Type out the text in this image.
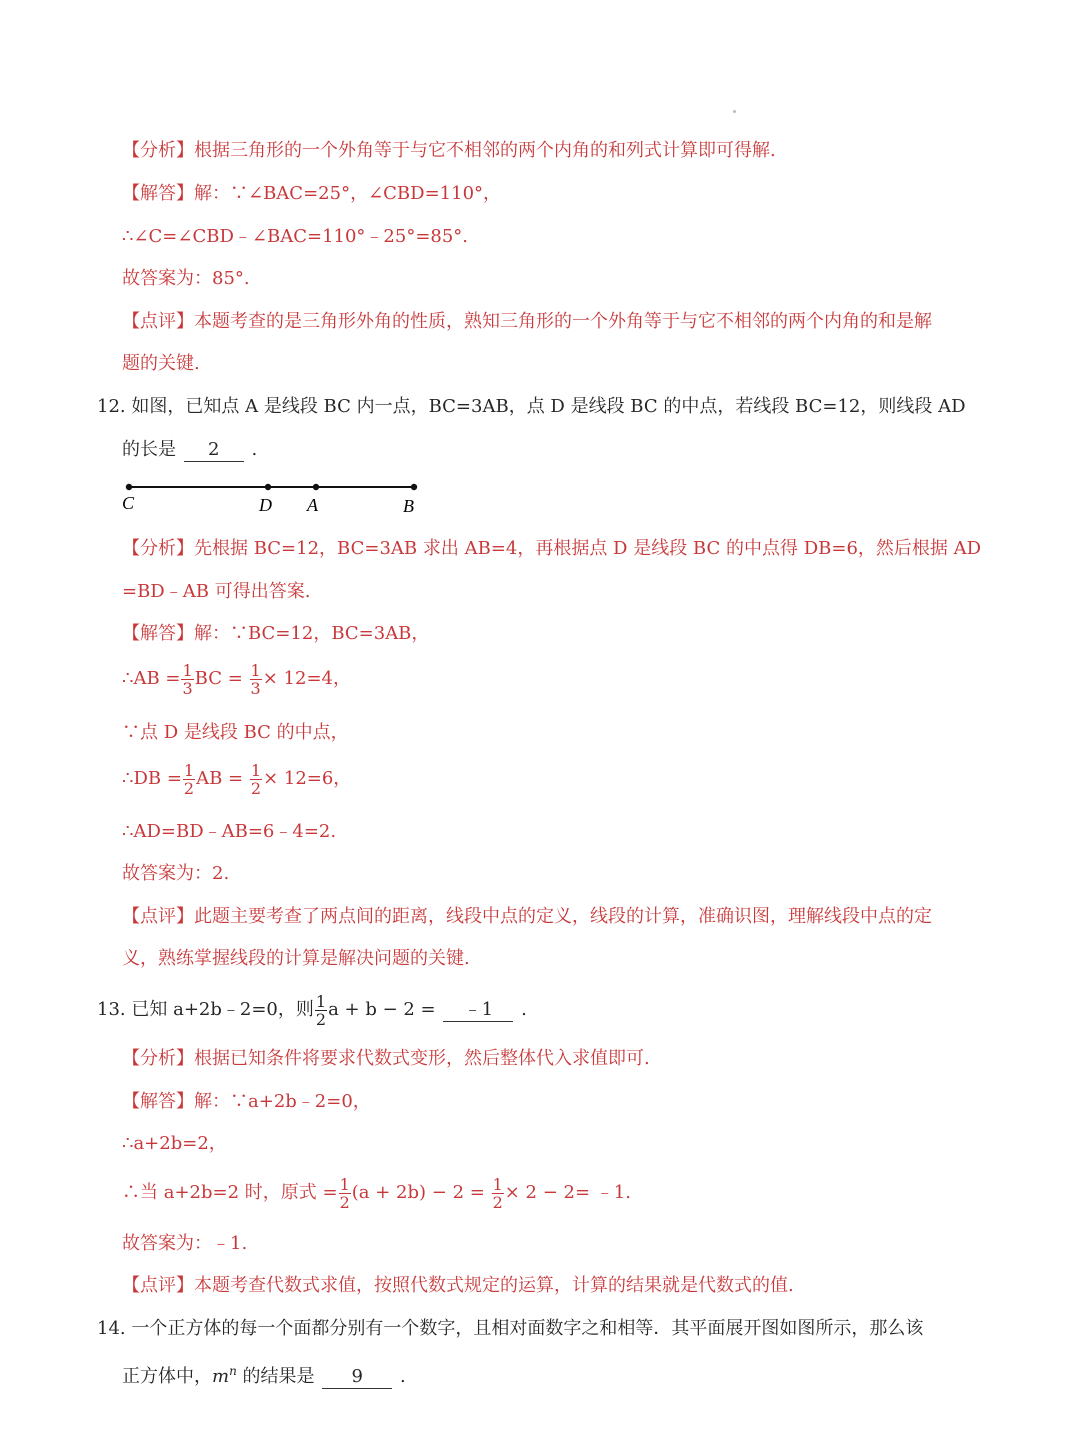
【分析】根据三角形的一个外角等于与它不相邻的两个内角的和列式计算即可得解.
【解答】解：∵∠BAC=25°，∠CBD=110°，
∴∠C=∠CBD﹣∠BAC=110°﹣25°=85°.
故答案为：85°.
【点评】本题考查的是三角形外角的性质，熟知三角形的一个外角等于与它不相邻的两个内角的和是解
题的关键.
12. 如图，已知点 A 是线段 BC 内一点，BC=3AB，点 D 是线段 BC 的中点，若线段 BC=12，则线段 AD
的长是 2 .
C	D A	B
【分析】先根据 BC=12，BC=3AB 求出 AB=4，再根据点 D 是线段 BC 的中点得 DB=6，然后根据 AD
=BD﹣AB 可得出答案.
【解答】解：∵BC=12，BC=3AB，
∴AB = $\frac{1}{3}$ BC = $\frac{1}{3} \times 12=4$，
∵点 D 是线段 BC 的中点，
∴DB = $\frac{1}{2}$ AB = $\frac{1}{2} \times 12=6$，
∴AD=BD﹣AB=6﹣4=2.
故答案为：2.
【点评】此题主要考查了两点间的距离，线段中点的定义，线段的计算，准确识图，理解线段中点的定
义，熟练掌握线段的计算是解决问题的关键.
13. 已知 a+2b﹣2=0，则 $\frac{1}{2}$ a + b − 2 = ﹣1 .
【分析】根据已知条件将要求代数式变形，然后整体代入求值即可.
【解答】解：∵a+2b﹣2=0，
∴a+2b=2，
∴当 a+2b=2 时，原式 = $\frac{1}{2} (a + 2b) - 2 = \frac{1}{2} \times 2 - 2=$ ﹣1.
故答案为：﹣1.
【点评】本题考查代数式求值，按照代数式规定的运算，计算的结果就是代数式的值.
14. 一个正方体的每一个面都分别有一个数字，且相对面数字之和相等．其平面展开图如图所示，那么该
正方体中，$m^n$ 的结果是 9 .
